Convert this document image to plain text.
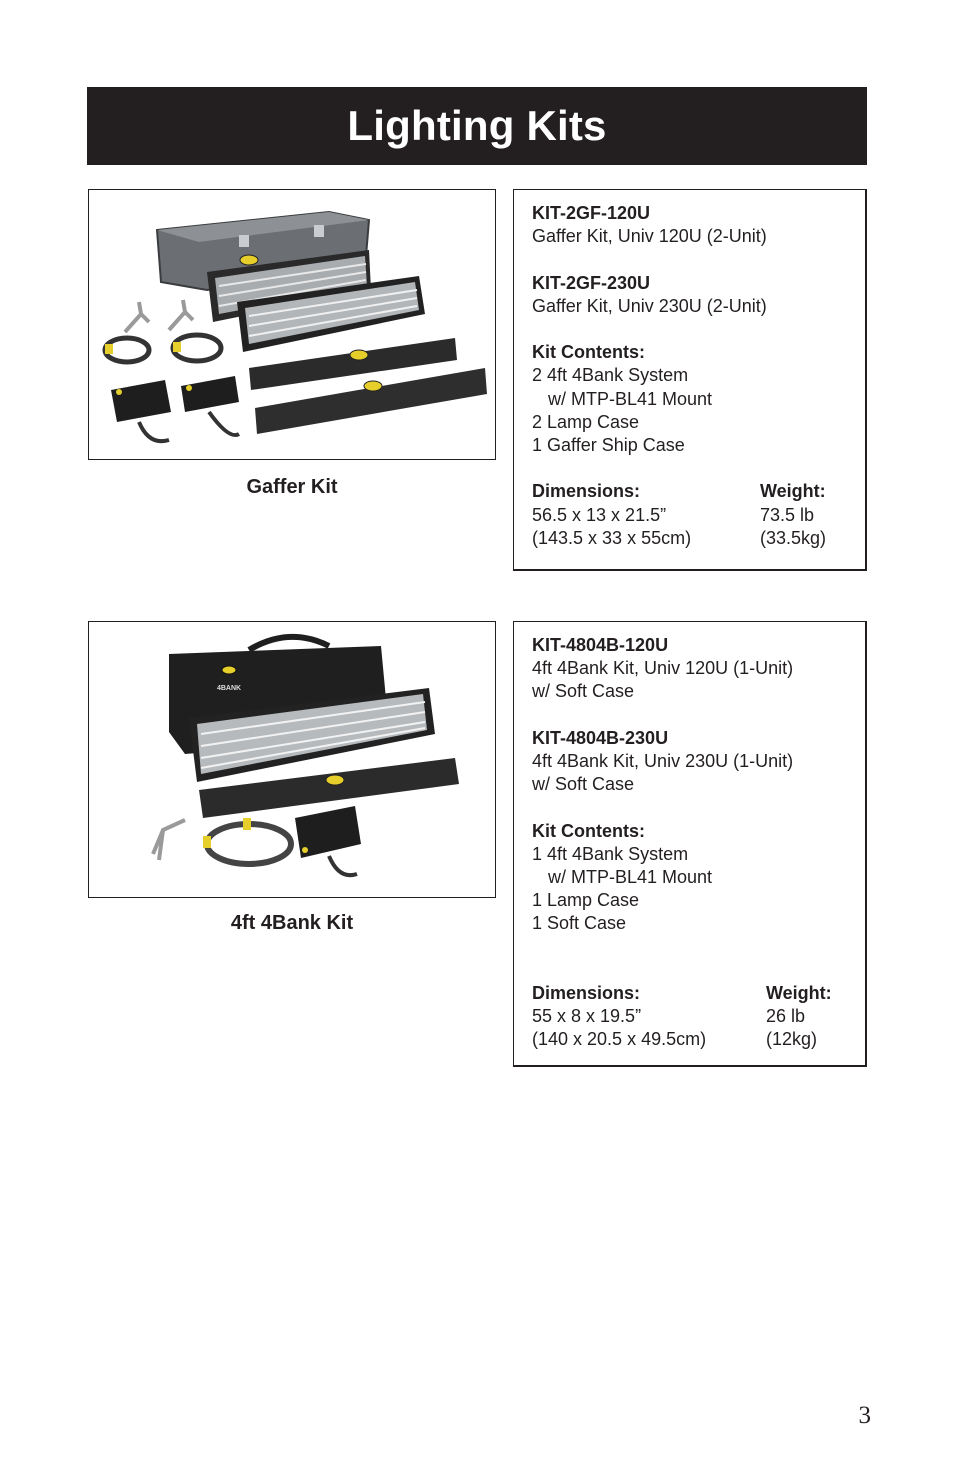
Lighting Kits
Gaffer Kit

KIT-2GF-120U

Gaffer Kit, Univ 120U (2-Unit)

KIT-2GF-230U

Gaffer Kit, Univ 230U (2-Unit)

Kit Contents:

2 4ft 4Bank System

w/ MTP-BL41 Mount

2 Lamp Case

1 Gaffer Ship Case

Dimensions:

56.5 x 13 x 21.5”

(143.5 x 33 x 55cm)

Weight:

73.5 lb

(33.5kg)

4BANK
4ft 4Bank Kit

KIT-4804B-120U

4ft 4Bank Kit, Univ 120U (1-Unit)

w/ Soft Case

KIT-4804B-230U

4ft 4Bank Kit, Univ 230U (1-Unit)

w/ Soft Case

Kit Contents:

1 4ft 4Bank System

w/ MTP-BL41 Mount

1 Lamp Case

1 Soft Case

Dimensions:

55 x 8 x 19.5”

(140 x 20.5 x 49.5cm)

Weight:

26 lb

(12kg)

3
